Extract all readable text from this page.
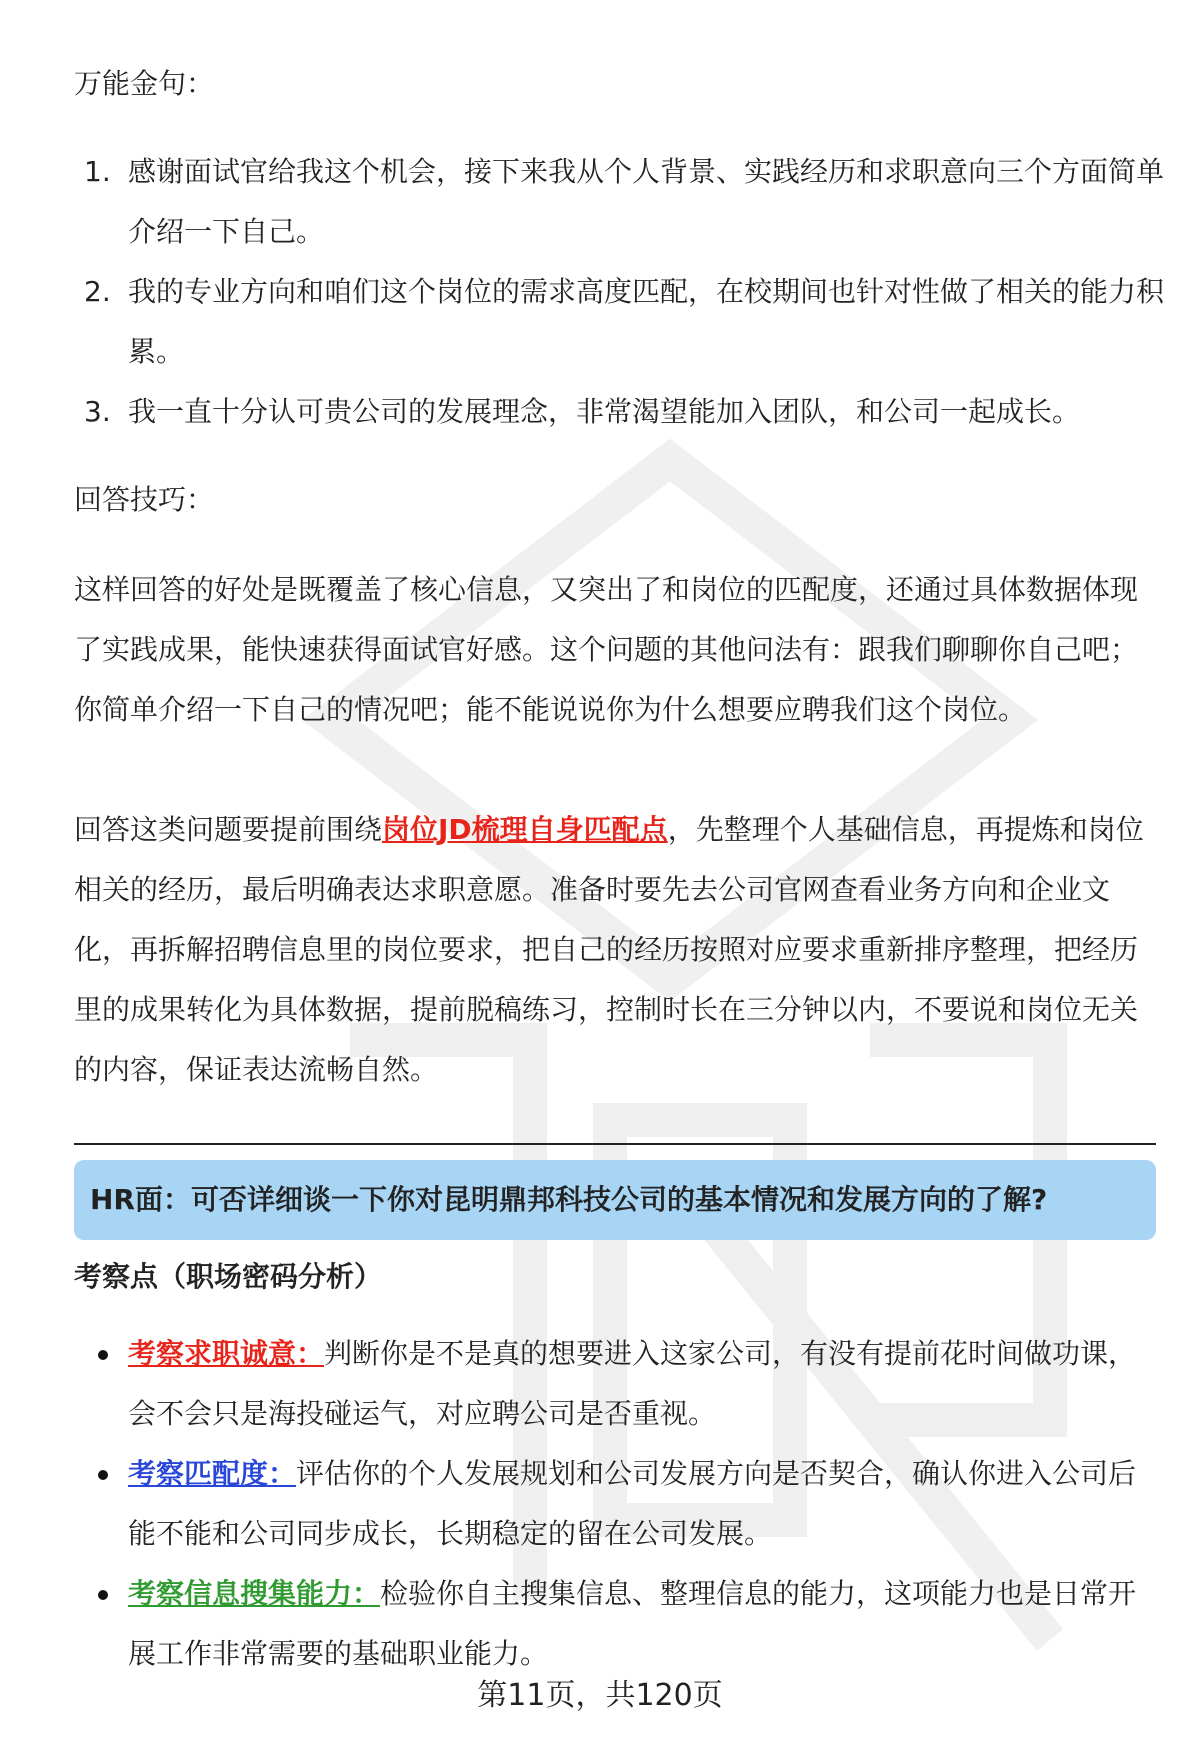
万能金句：
1. 感谢面试官给我这个机会，接下来我从个人背景、实践经历和求职意向三个方面简单介绍一下自己。
2. 我的专业方向和咱们这个岗位的需求高度匹配，在校期间也针对性做了相关的能力积累。
3. 我一直十分认可贵公司的发展理念，非常渴望能加入团队，和公司一起成长。
回答技巧：
这样回答的好处是既覆盖了核心信息，又突出了和岗位的匹配度，还通过具体数据体现了实践成果，能快速获得面试官好感。这个问题的其他问法有：跟我们聊聊你自己吧；你简单介绍一下自己的情况吧；能不能说说你为什么想要应聘我们这个岗位。
回答这类问题要提前围绕岗位JD梳理自身匹配点，先整理个人基础信息，再提炼和岗位相关的经历，最后明确表达求职意愿。准备时要先去公司官网查看业务方向和企业文化，再拆解招聘信息里的岗位要求，把自己的经历按照对应要求重新排序整理，把经历里的成果转化为具体数据，提前脱稿练习，控制时长在三分钟以内，不要说和岗位无关的内容，保证表达流畅自然。
HR面：可否详细谈一下你对昆明鼎邦科技公司的基本情况和发展方向的了解?
考察点（职场密码分析）
考察求职诚意：判断你是不是真的想要进入这家公司，有没有提前花时间做功课，会不会只是海投碰运气，对应聘公司是否重视。
考察匹配度：评估你的个人发展规划和公司发展方向是否契合，确认你进入公司后能不能和公司同步成长，长期稳定的留在公司发展。
考察信息搜集能力：检验你自主搜集信息、整理信息的能力，这项能力也是日常开展工作非常需要的基础职业能力。
第11页，共120页
